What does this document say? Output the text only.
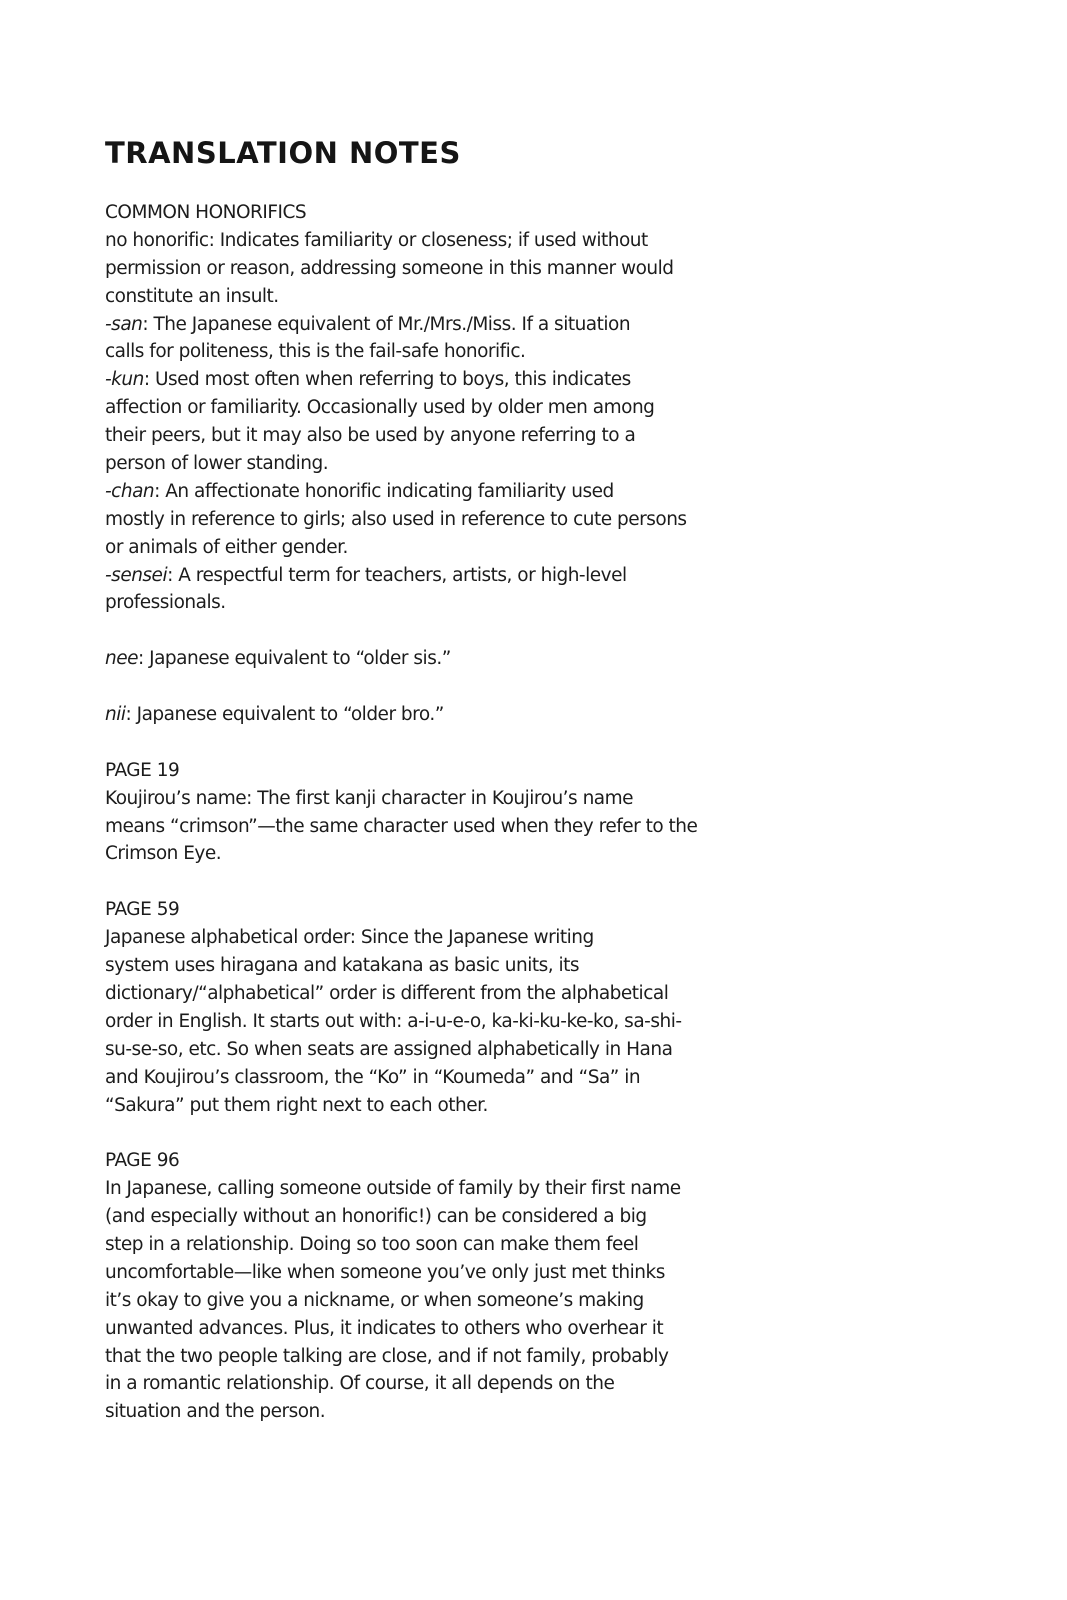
TRANSLATION NOTES
COMMON HONORIFICS
no honorific: Indicates familiarity or closeness; if used without
permission or reason, addressing someone in this manner would
constitute an insult.
-san: The Japanese equivalent of Mr./Mrs./Miss. If a situation
calls for politeness, this is the fail-safe honorific.
-kun: Used most often when referring to boys, this indicates
affection or familiarity. Occasionally used by older men among
their peers, but it may also be used by anyone referring to a
person of lower standing.
-chan: An affectionate honorific indicating familiarity used
mostly in reference to girls; also used in reference to cute persons
or animals of either gender.
-sensei: A respectful term for teachers, artists, or high-level
professionals.
nee: Japanese equivalent to “older sis.”
nii: Japanese equivalent to “older bro.”
PAGE 19
Koujirou’s name: The first kanji character in Koujirou’s name
means “crimson”—the same character used when they refer to the
Crimson Eye.
PAGE 59
Japanese alphabetical order: Since the Japanese writing
system uses hiragana and katakana as basic units, its
dictionary/“alphabetical” order is different from the alphabetical
order in English. It starts out with: a-i-u-e-o, ka-ki-ku-ke-ko, sa-shi-
su-se-so, etc. So when seats are assigned alphabetically in Hana
and Koujirou’s classroom, the “Ko” in “Koumeda” and “Sa” in
“Sakura” put them right next to each other.
PAGE 96
In Japanese, calling someone outside of family by their first name
(and especially without an honorific!) can be considered a big
step in a relationship. Doing so too soon can make them feel
uncomfortable—like when someone you’ve only just met thinks
it’s okay to give you a nickname, or when someone’s making
unwanted advances. Plus, it indicates to others who overhear it
that the two people talking are close, and if not family, probably
in a romantic relationship. Of course, it all depends on the
situation and the person.
